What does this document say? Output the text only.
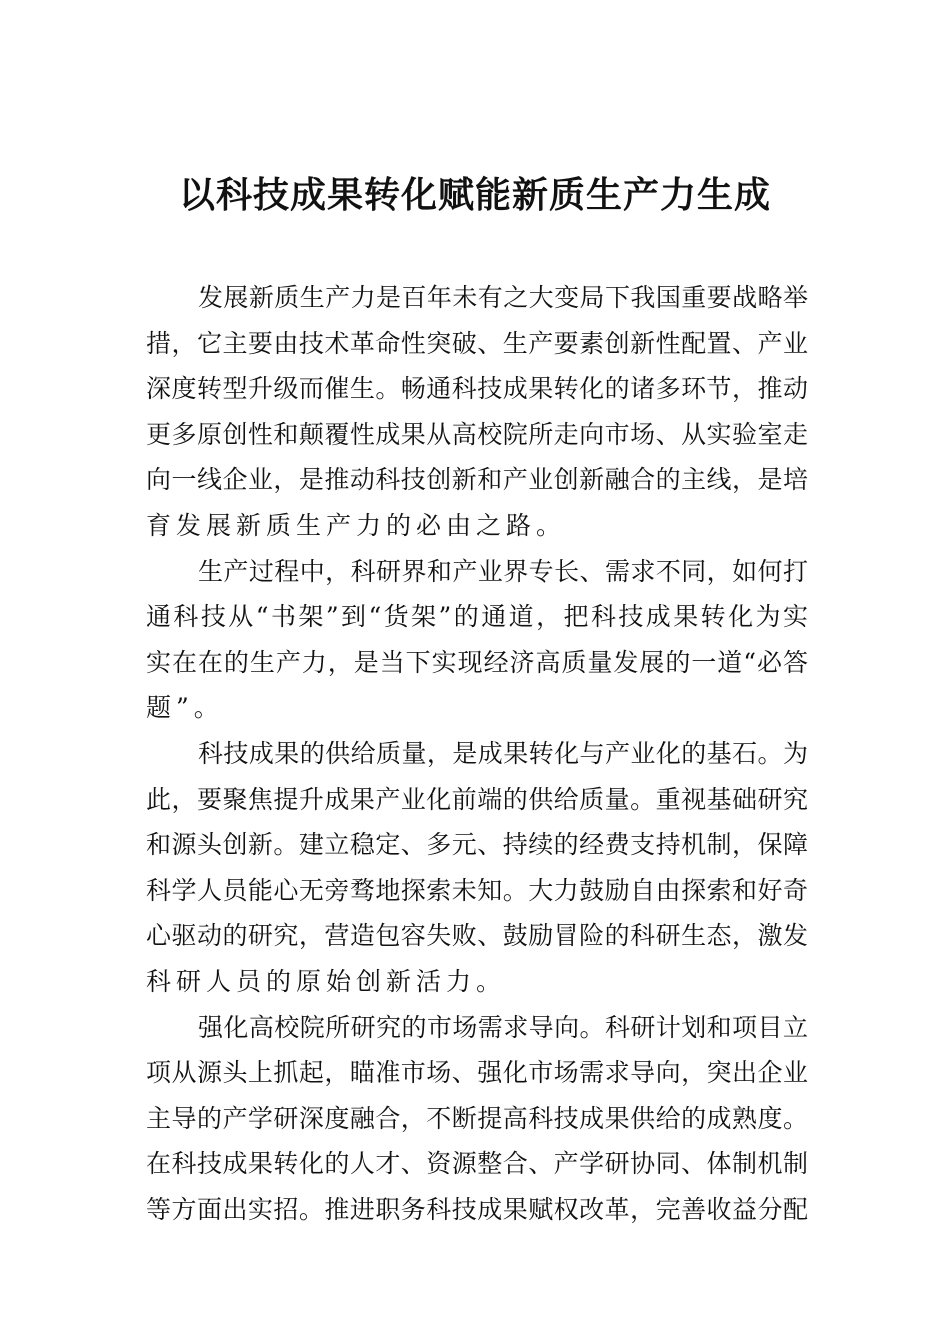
以科技成果转化赋能新质生产力生成
发展新质生产力是百年未有之大变局下我国重要战略举
措，它主要由技术革命性突破、生产要素创新性配置、产业
深度转型升级而催生。畅通科技成果转化的诸多环节，推动
更多原创性和颠覆性成果从高校院所走向市场、从实验室走
向一线企业，是推动科技创新和产业创新融合的主线，是培
育发展新质生产力的必由之路。
生产过程中，科研界和产业界专长、需求不同，如何打
通科技从“书架”到“货架”的通道，把科技成果转化为实
实在在的生产力，是当下实现经济高质量发展的一道“必答
题”。
科技成果的供给质量，是成果转化与产业化的基石。为
此，要聚焦提升成果产业化前端的供给质量。重视基础研究
和源头创新。建立稳定、多元、持续的经费支持机制，保障
科学人员能心无旁骛地探索未知。大力鼓励自由探索和好奇
心驱动的研究，营造包容失败、鼓励冒险的科研生态，激发
科研人员的原始创新活力。
强化高校院所研究的市场需求导向。科研计划和项目立
项从源头上抓起，瞄准市场、强化市场需求导向，突出企业
主导的产学研深度融合，不断提高科技成果供给的成熟度。
在科技成果转化的人才、资源整合、产学研协同、体制机制
等方面出实招。推进职务科技成果赋权改革，完善收益分配
